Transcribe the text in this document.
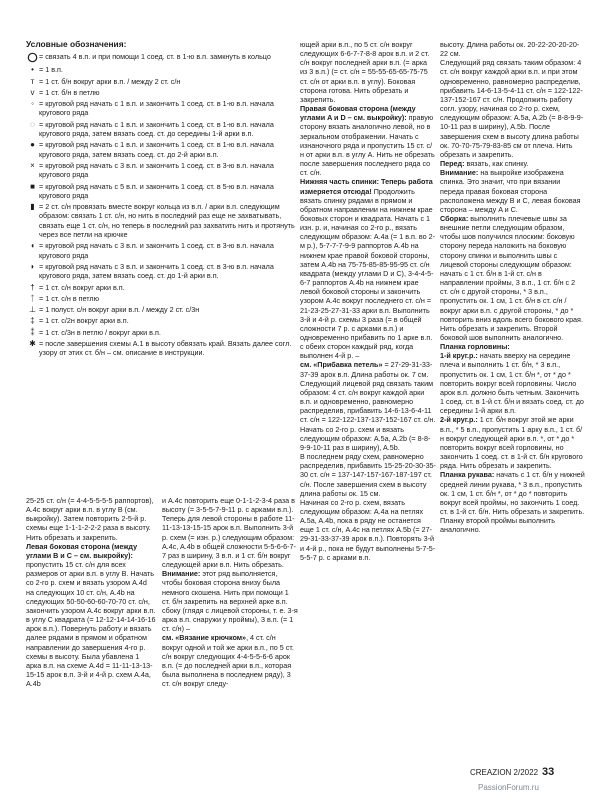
Условные обозначения:
= связать 4 в.п. и при помощи 1 соед. ст. в 1-ю в.п. замкнуть в кольцо
• = 1 в.п.
т = 1 ст. б/н вокруг арки в.п. / между 2 ст. с/н
v = 1 ст. б/н в петлю
◦ = круговой ряд начать с 1 в.п. и закончить 1 соед. ст. в 1-ю в.п. начала кругового ряда
◌ = круговой ряд начать с 1 в.п. и закончить 1 соед. ст. в 1-ю в.п. начала кругового ряда, затем вязать соед. ст. до середины 1-й арки в.п.
● = круговой ряд начать с 1 в.п. и закончить 1 соед. ст. в 1-ю в.п. начала кругового ряда, затем вязать соед. ст. до 2-й арки в.п.
× = круговой ряд начать с 3 в.п. и закончить 1 соед. ст. в 3-ю в.п. начала кругового ряда
■ = круговой ряд начать с 5 в.п. и закончить 1 соед. ст. в 5-ю в.п. начала кругового ряда
▮ = 2 ст. с/н провязать вместе вокруг кольца из в.п. / арки в.п. следующим образом: связать 1 ст. с/н, но нить в последний раз еще не захватывать, связать еще 1 ст. с/н, но теперь в последний раз захватить нить и протянуть через все петли на крючке
◖ = круговой ряд начать с 3 в.п. и закончить 1 соед. ст. в 3-ю в.п. начала кругового ряда
◗ = круговой ряд начать с 3 в.п. и закончить 1 соед. ст. в 3-ю в.п. начала кругового ряда, затем вязать соед. ст. до 1-й арки в.п.
† = 1 ст. с/н вокруг арки в.п.
ᛏ = 1 ст. с/н в петлю
⊥ = 1 полуст. с/н вокруг арки в.п. / между 2 ст. с/3н
‡ = 1 ст. с/2н вокруг арки в.п.
⁑ = 1 ст. с/3н в петлю / вокруг арки в.п.
✱ = после завершения схемы А.1 в высоту обвязать край. Вязать далее согл. узору от этих ст. б/н – см. описание в инструкции.

ющей арки в.п., по 5 ст. с/н вокруг следующих 6-6-7-7-8-8 арок в.п. и 2 ст. с/н вокруг последней арки в.п. (= арка из 3 в.п.) (= ст. с/н = 55-55-65-65-75-75 ст. с/н от арки в.п. в углу). Боковая сторона готова. Нить обрезать и закрепить.

Правая боковая сторона (между углами A и D – см. выкройку): правую сторону вязать аналогично левой, но в зеркальном отображении. Начать с изнаночного ряда и пропустить 15 ст. с/н от арки в.п. в углу А. Нить не обрезать после завершения последнего ряда со ст. с/н.

Нижняя часть спинки: Теперь работа измеряется отсюда! Продолжить вязать спинку рядами в прямом и обратном направлении на нижнем крае боковых сторон и квадрата. Начать с 1 изн. р. и, начиная со 2-го р., вязать следующим образом: А.4а (= 1 в.п. во 2-м р.), 5-7-7-7-9-9 раппортов A.4b на нижнем крае правой боковой стороны, затем A.4b на 75-75-85-85-95-95 ст. с/н квадрата (между углами D и C), 3-4-4-5-6-7 раппортов A.4b на нижнем крае левой боковой стороны и закончить узором A.4c вокруг последнего ст. с/н = 21-23-25-27-31-33 арки в.п. Выполнить 3-й и 4-й р. схемы 3 раза (= в общей сложности 7 р. с арками в.п.) и одновременно прибавить по 1 арке в.п. с обеих сторон каждый ряд, когда выполнен 4-й р. –

см. «Прибавка петель» = 27-29-31-33-37-39 арок в.п. Длина работы ок. 7 см.

Следующий лицевой ряд связать таким образом: 4 ст. с/н вокруг каждой арки в.п. и одновременно, равномерно распределив, прибавить 14-6-13-6-4-11 ст. с/н = 122-122-137-137-152-167 ст. с/н. Начать со 2-го р. схем и вязать следующим образом: A.5a, A.2b (= 8-8-9-9-10-11 раз в ширину), A.5b.

В последнем ряду схем, равномерно распределив, прибавить 15-25-20-30-35-30 ст. с/н = 137-147-157-167-187-197 ст. с/н. После завершения схем в высоту длина работы ок. 15 см.

Начиная со 2-го р. схем, вязать следующим образом: A.4a на петлях A.5a, A.4b, пока в ряду не останется еще 1 ст. с/н, A.4c на петлях A.5b (= 27-29-31-33-37-39 арок в.п.). Повторять 3-й и 4-й р., пока не будут выполнены 5-7-5-5-5-7 р. с арками в.п.

высоту. Длина работы ок. 20-22-20-20-20-22 см.

Следующий ряд связать таким образом: 4 ст. с/н вокруг каждой арки в.п. и при этом одновременно, равномерно распределив, прибавить 14-6-13-5-4-11 ст. с/н = 122-122-137-152-167 ст. с/н. Продолжить работу согл. узору, начиная со 2-го р. схем, следующим образом: A.5a, A.2b (= 8-8-9-9-10-11 раз в ширину), A.5b. После завершения схем в высоту длина работы ок. 70-70-75-79-83-85 см от плеча. Нить обрезать и закрепить.

Перед: вязать, как спинку.

Внимание: на выкройке изображена спинка. Это значит, что при вязании переда правая боковая сторона расположена между B и C, левая боковая сторона – между A и C.

Сборка: выполнить плечевые швы за внешние петли следующим образом, чтобы шов получился плоским: боковую сторону переда наложить на боковую сторону спинки и выполнить швы с лицевой стороны следующим образом: начать с 1 ст. б/н в 1-й ст. с/н в направлении проймы, 3 в.п., 1 ст. б/н с 2 ст. с/н с другой стороны, * 3 в.п., пропустить ок. 1 см, 1 ст. б/н в ст. с/н / вокруг арки в.п. с другой стороны, * до * повторить вниз вдоль всего бокового края. Нить обрезать и закрепить. Второй боковой шов выполнить аналогично.

Планка горловины:

1-й круг.р.: начать вверху на середине плеча и выполнить 1 ст. б/н, * 3 в.п., пропустить ок. 1 см, 1 ст. б/н *, от * до * повторить вокруг всей горловины. Число арок в.п. должно быть четным. Закончить 1 соед. ст. в 1-й ст. б/н и вязать соед. ст. до середины 1-й арки в.п.

2-й круг.р.: 1 ст. б/н вокруг этой же арки в.п., * 5 в.п., пропустить 1 арку в.п., 1 ст. б/н вокруг следующей арки в.п. *, от * до * повторить вокруг всей горловины, но закончить 1 соед. ст. в 1-й ст. б/н кругового ряда. Нить обрезать и закрепить.

Планка рукава: начать с 1 ст. б/н у нижней средней линии рукава, * 3 в.п., пропустить ок. 1 см, 1 ст. б/н *, от * до * повторить вокруг всей проймы, но закончить 1 соед. ст. в 1-й ст. б/н. Нить обрезать и закрепить. Планку второй проймы выполнить аналогично.

25-25 ст. с/н (= 4-4-5-5-5-5 раппортов), A.4c вокруг арки в.п. в углу B (см. выкройку). Затем повторить 2-5-й р. схемы еще 1-1-1-2-2-2 раза в высоту. Нить обрезать и закрепить.

Левая боковая сторона (между углами B и C – см. выкройку): пропустить 15 ст. с/н для всех размеров от арки в.п. в углу B. Начать со 2-го р. схем и вязать узором A.4d на следующих 10 ст. с/н, A.4b на следующих 50-50-60-60-70-70 ст. с/н, закончить узором A.4c вокруг арки в.п. в углу C квадрата (= 12-12-14-14-16-16 арок в.п.). Повернуть работу и вязать далее рядами в прямом и обратном направлении до завершения 4-го р. схемы в высоту. Была убавлена 1 арка в.п. на схеме A.4d = 11-11-13-13-15-15 арок в.п. 3-й и 4-й р. схем A.4a, A.4b

и A.4c повторить еще 0-1-1-2-3-4 раза в высоту (= 3-5-5-7-9-11 р. с арками в.п.). Теперь для левой стороны в работе 11-11-13-13-15-15 арок в.п. Выполнить 3-й р. схем (= изн. р.) следующим образом: A.4c, A.4b в общей сложности 5-5-6-6-7-7 раз в ширину, 3 в.п. и 1 ст. б/н вокруг следующей арки в.п. Нить обрезать.

Внимание: этот ряд выполняется, чтобы боковая сторона внизу была немного скошена. Нить при помощи 1 ст. б/н закрепить на верхней арке в.п. сбоку (глядя с лицевой стороны, т. е. 3-я арка в.п. снаружи у проймы), 3 в.п. (= 1 ст. с/н) –

см. «Вязание крючком», 4 ст. с/н вокруг одной и той же арки в.п., по 5 ст. с/н вокруг следующих 4-4-5-5-6-6 арок в.п. (= до последней арки в.п., которая была выполнена в последнем ряду), 3 ст. с/н вокруг следу-

CREAZION 2/2022 33
PassionForum.ru
